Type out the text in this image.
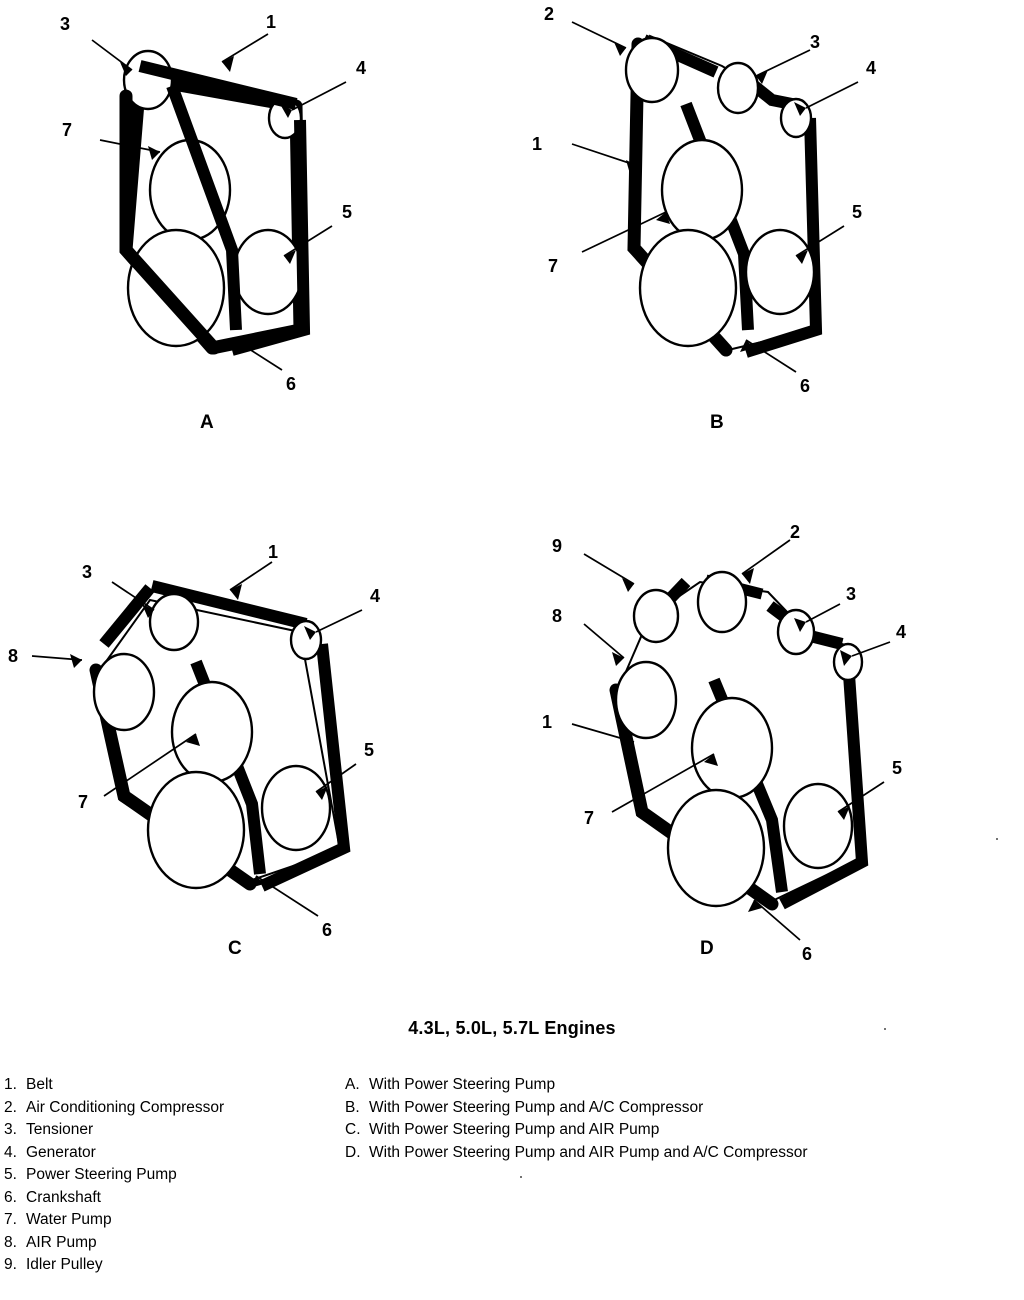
3	1
4
7
5
6
A
2
3
4
1
7
5
6
B
3
1
4
8
7
5
6
C
9
2
3
8
4
1
7
5
6
D
4.3L, 5.0L, 5.7L Engines
1. Belt
2. Air Conditioning Compressor
3. Tensioner
4. Generator
5. Power Steering Pump
6. Crankshaft
7. Water Pump
8. AIR Pump
9. Idler Pulley
A. With Power Steering Pump
B. With Power Steering Pump and A/C Compressor
C. With Power Steering Pump and AIR Pump
D. With Power Steering Pump and AIR Pump and A/C Compressor
